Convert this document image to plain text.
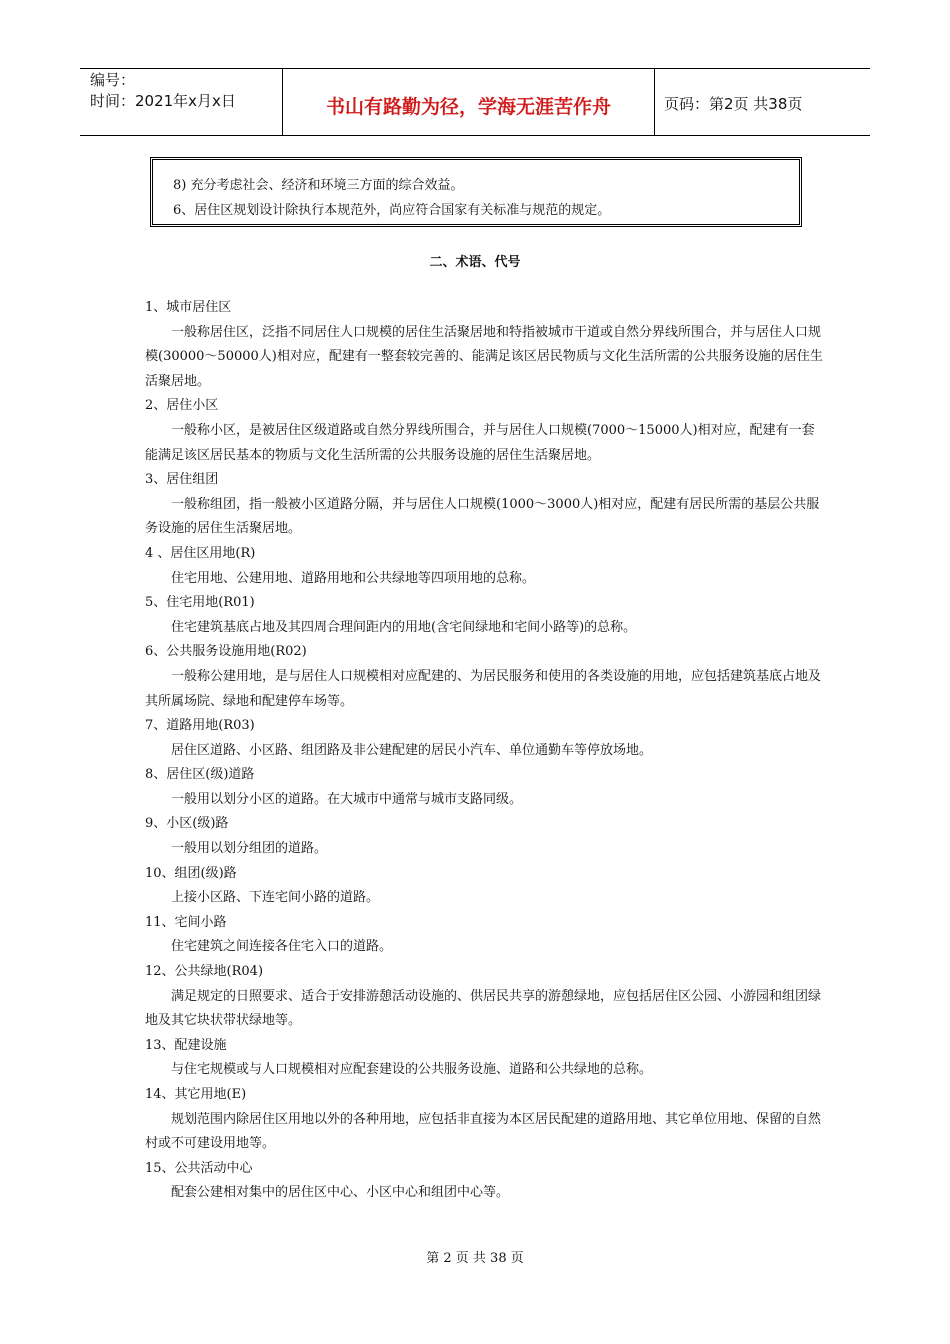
编号：
时间：2021年x月x日	书山有路勤为径，学海无涯苦作舟	页码：第2页 共38页

8) 充分考虑社会、经济和环境三方面的综合效益。

6、居住区规划设计除执行本规范外，尚应符合国家有关标准与规范的规定。

二、术语、代号
1、城市居住区

一般称居住区，泛指不同居住人口规模的居住生活聚居地和特指被城市干道或自然分界线所围合，并与居住人口规模(30000～50000人)相对应，配建有一整套较完善的、能满足该区居民物质与文化生活所需的公共服务设施的居住生活聚居地。

2、居住小区

一般称小区，是被居住区级道路或自然分界线所围合，并与居住人口规模(7000～15000人)相对应，配建有一套能满足该区居民基本的物质与文化生活所需的公共服务设施的居住生活聚居地。

3、居住组团

一般称组团，指一般被小区道路分隔，并与居住人口规模(1000～3000人)相对应，配建有居民所需的基层公共服务设施的居住生活聚居地。

4 、居住区用地(R)

住宅用地、公建用地、道路用地和公共绿地等四项用地的总称。

5、住宅用地(R01)

住宅建筑基底占地及其四周合理间距内的用地(含宅间绿地和宅间小路等)的总称。

6、公共服务设施用地(R02)

一般称公建用地，是与居住人口规模相对应配建的、为居民服务和使用的各类设施的用地，应包括建筑基底占地及其所属场院、绿地和配建停车场等。

7、道路用地(R03)

居住区道路、小区路、组团路及非公建配建的居民小汽车、单位通勤车等停放场地。

8、居住区(级)道路

一般用以划分小区的道路。在大城市中通常与城市支路同级。

9、小区(级)路

一般用以划分组团的道路。

10、组团(级)路

上接小区路、下连宅间小路的道路。

11、宅间小路

住宅建筑之间连接各住宅入口的道路。

12、公共绿地(R04)

满足规定的日照要求、适合于安排游憩活动设施的、供居民共享的游憩绿地，应包括居住区公园、小游园和组团绿地及其它块状带状绿地等。

13、配建设施

与住宅规模或与人口规模相对应配套建设的公共服务设施、道路和公共绿地的总称。

14、其它用地(E)

规划范围内除居住区用地以外的各种用地，应包括非直接为本区居民配建的道路用地、其它单位用地、保留的自然村或不可建设用地等。

15、公共活动中心

配套公建相对集中的居住区中心、小区中心和组团中心等。

第 2 页 共 38 页
